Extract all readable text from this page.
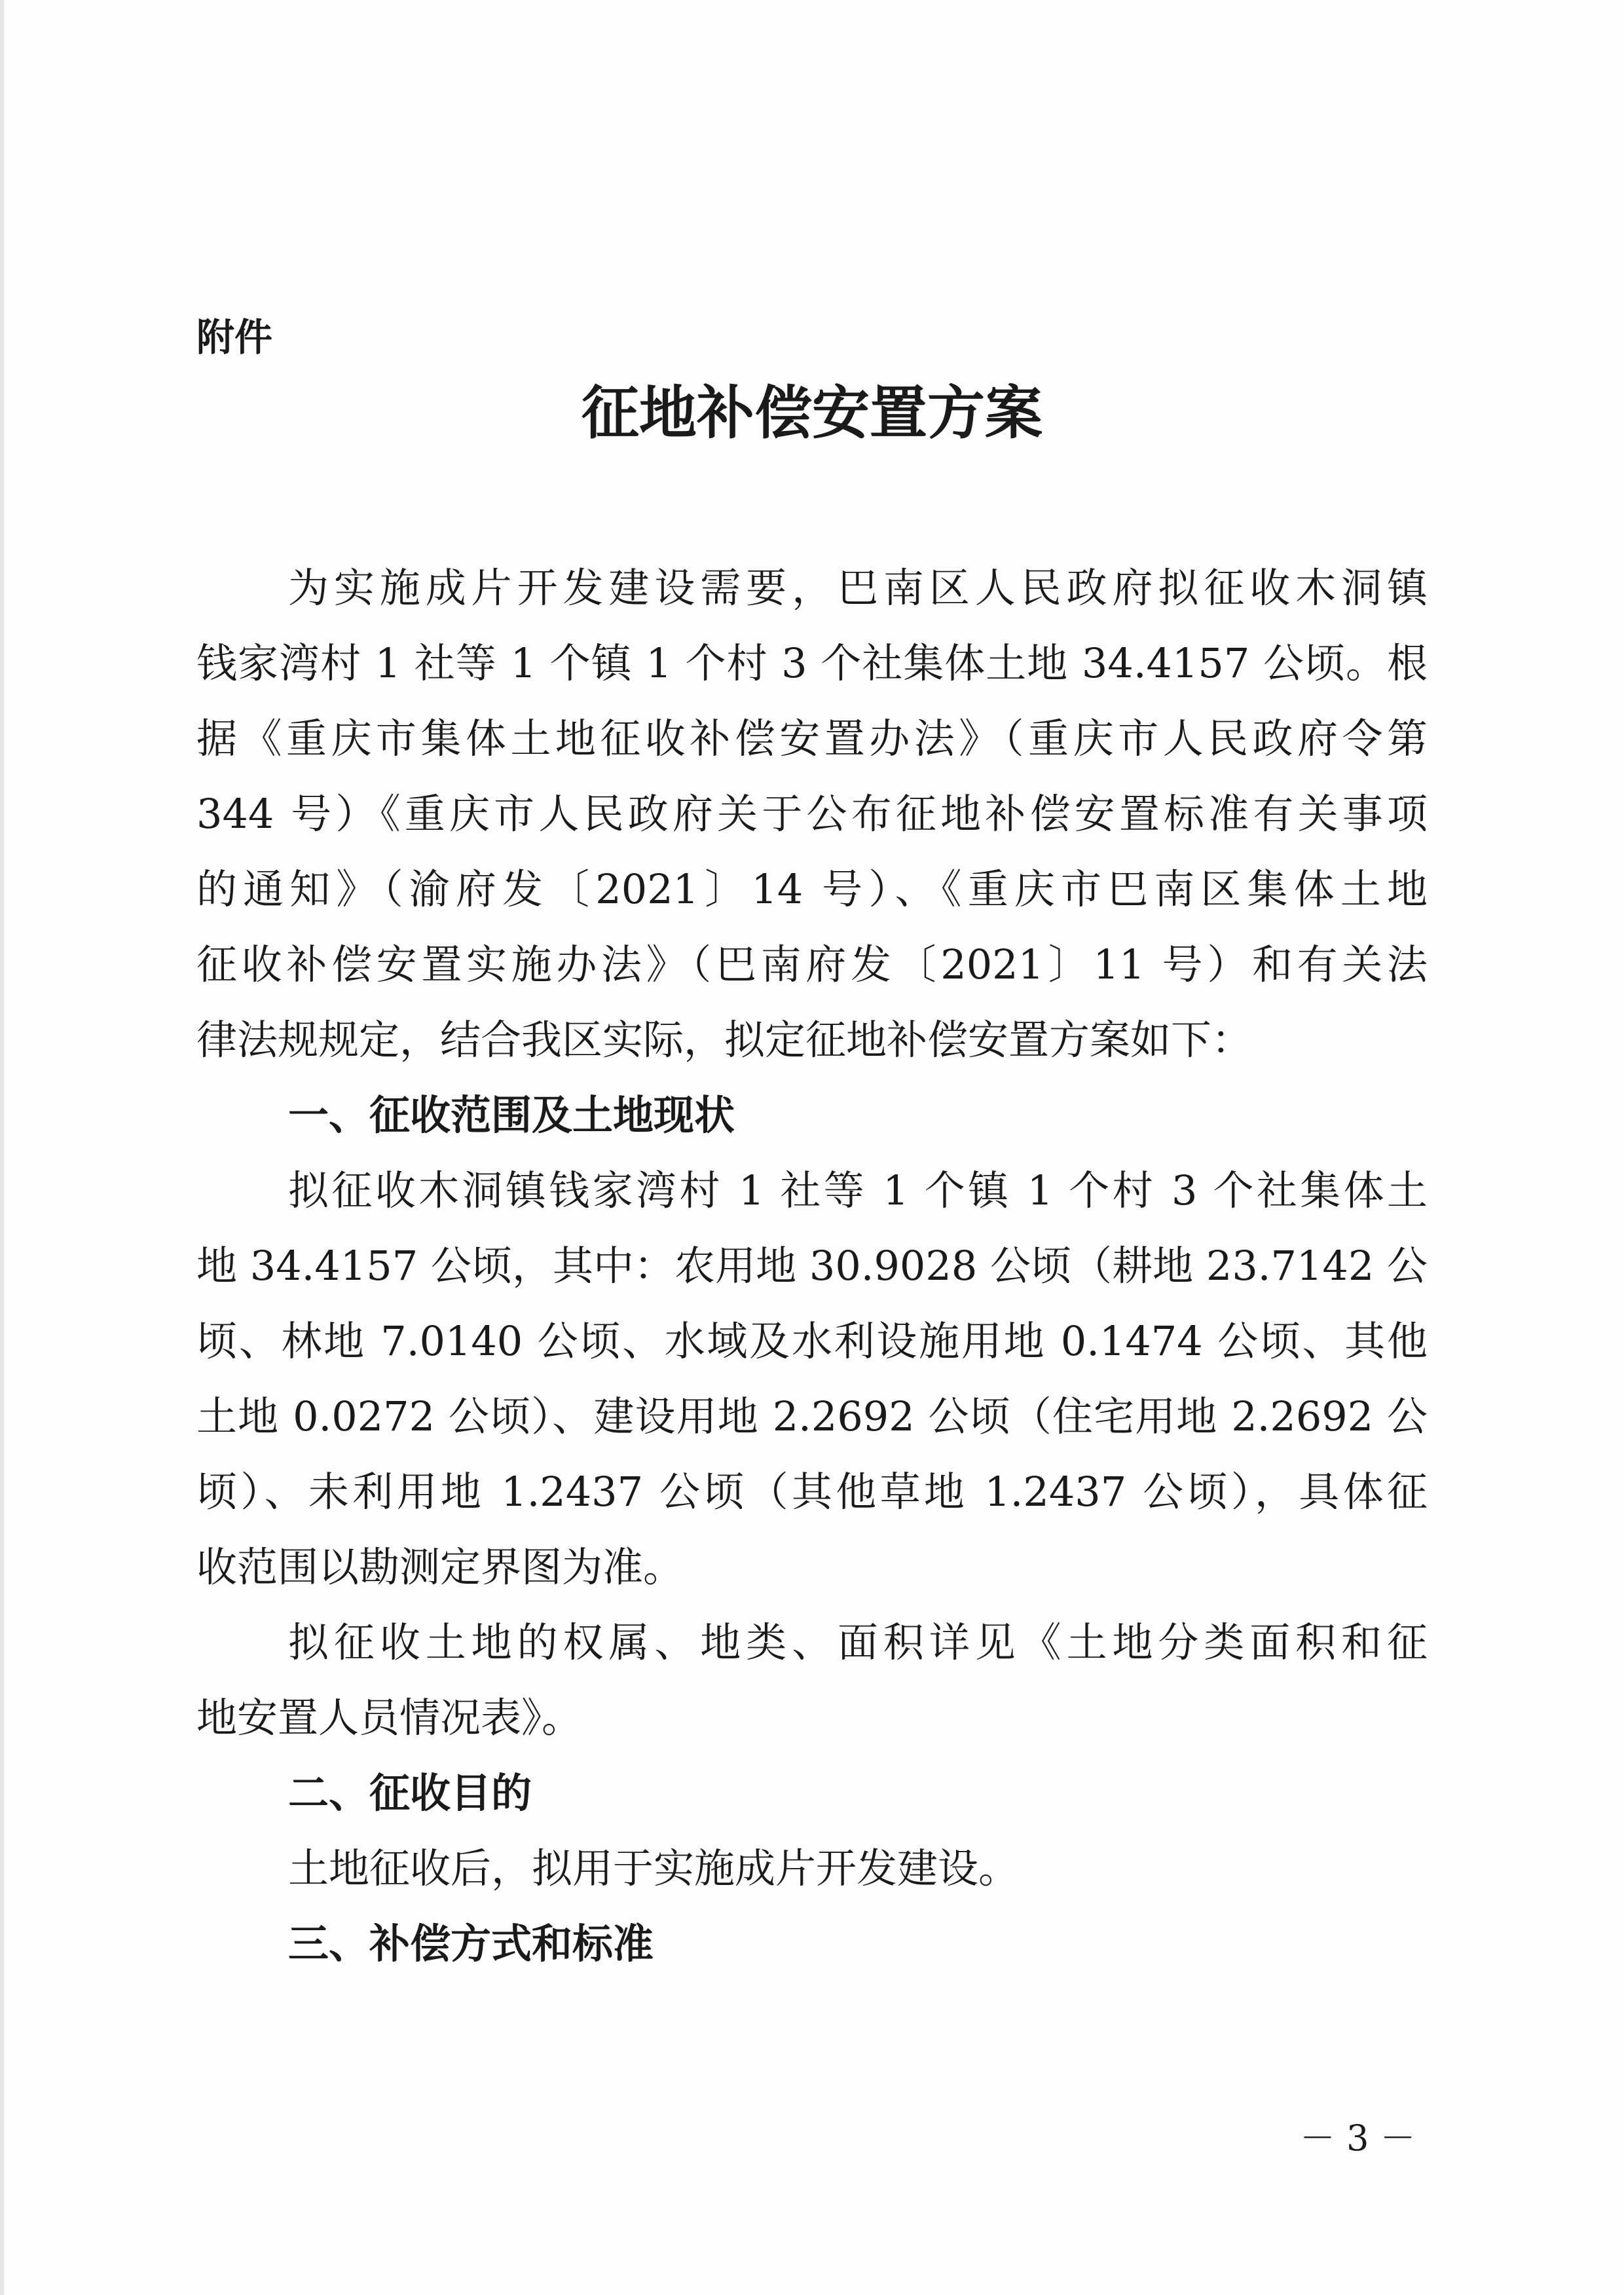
附件
征地补偿安置方案
为实施成片开发建设需要，巴南区人民政府拟征收木洞镇
钱家湾村 1 社等 1 个镇 1 个村 3 个社集体土地 34.4157 公顷。根
据《重庆市集体土地征收补偿安置办法》（重庆市人民政府令第
344 号）《重庆市人民政府关于公布征地补偿安置标准有关事项
的通知》（渝府发〔2021〕14 号）、《重庆市巴南区集体土地
征收补偿安置实施办法》（巴南府发〔2021〕11 号）和有关法
律法规规定，结合我区实际，拟定征地补偿安置方案如下：
一、征收范围及土地现状
拟征收木洞镇钱家湾村 1 社等 1 个镇 1 个村 3 个社集体土
地 34.4157 公顷，其中：农用地 30.9028 公顷（耕地 23.7142 公
顷、林地 7.0140 公顷、水域及水利设施用地 0.1474 公顷、其他
土地 0.0272 公顷）、建设用地 2.2692 公顷（住宅用地 2.2692 公
顷）、未利用地 1.2437 公顷（其他草地 1.2437 公顷），具体征
收范围以勘测定界图为准。
拟征收土地的权属、地类、面积详见《土地分类面积和征
地安置人员情况表》。
二、征收目的
土地征收后，拟用于实施成片开发建设。
三、补偿方式和标准
－ 3 －
